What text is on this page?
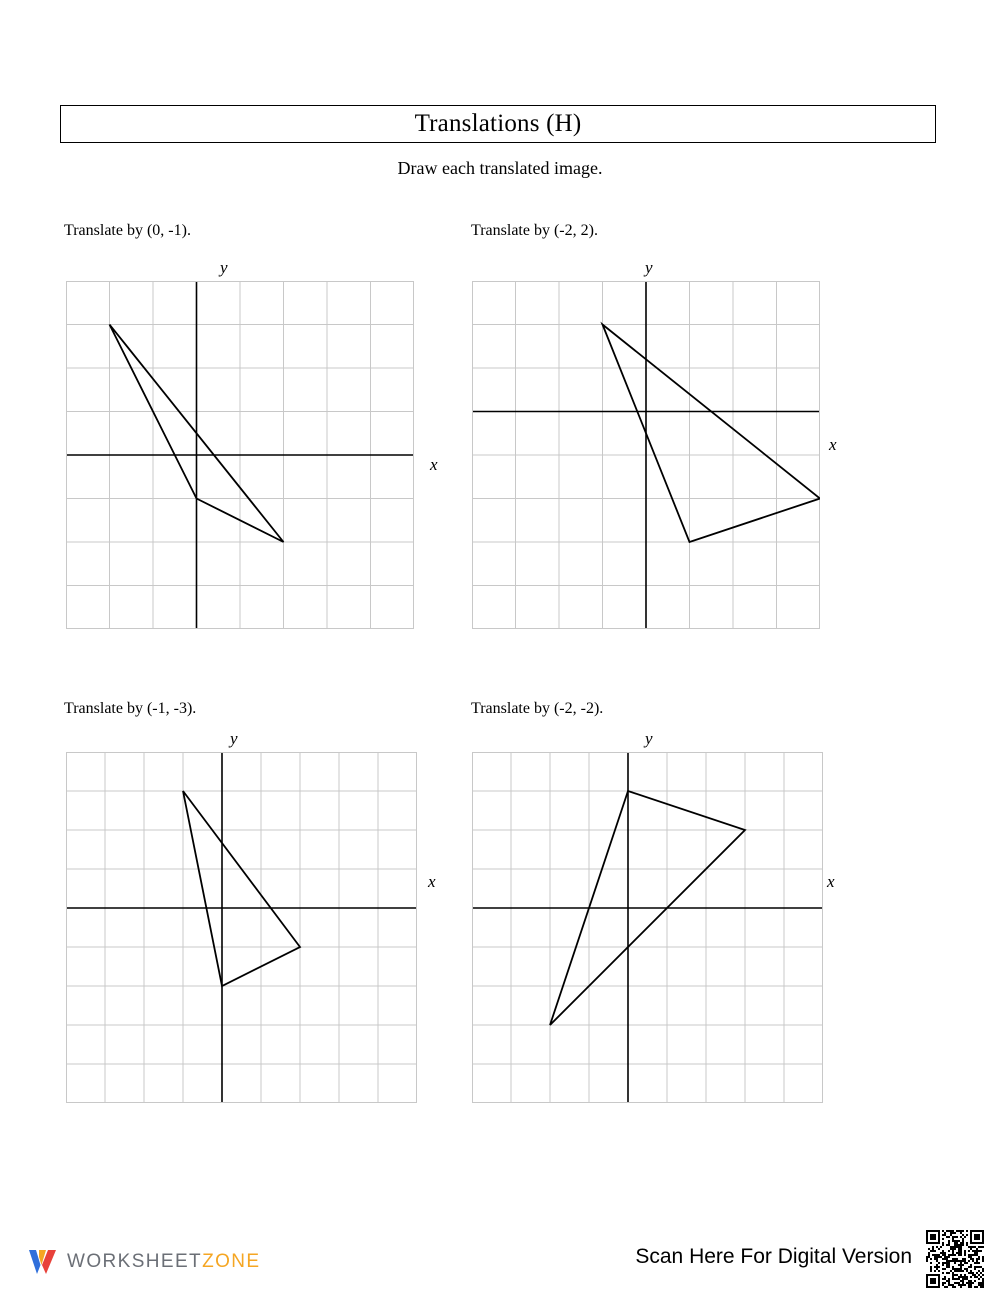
Translations (H)
Draw each translated image.
Translate by (0, -1).
y
x
Translate by (-2, 2).
y
x
Translate by (-1, -3).
y
x
Translate by (-2, -2).
y
x
WORKSHEETZONE	Scan Here For Digital Version
